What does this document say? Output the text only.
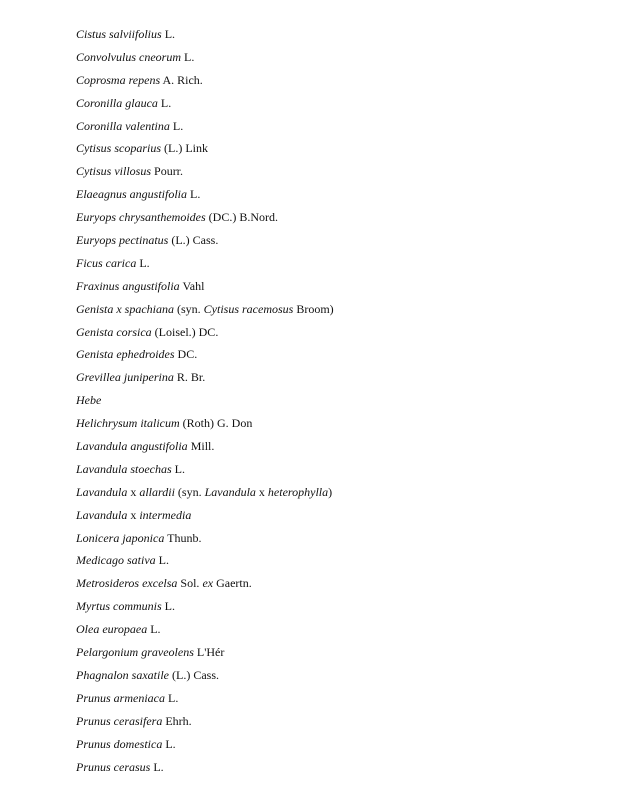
Cistus salviifolius L.
Convolvulus cneorum L.
Coprosma repens A. Rich.
Coronilla glauca L.
Coronilla valentina L.
Cytisus scoparius (L.) Link
Cytisus villosus Pourr.
Elaeagnus angustifolia L.
Euryops chrysanthemoides (DC.) B.Nord.
Euryops pectinatus (L.) Cass.
Ficus carica L.
Fraxinus angustifolia Vahl
Genista x spachiana (syn. Cytisus racemosus Broom)
Genista corsica (Loisel.) DC.
Genista ephedroides DC.
Grevillea juniperina R. Br.
Hebe
Helichrysum italicum (Roth) G. Don
Lavandula angustifolia Mill.
Lavandula stoechas L.
Lavandula x allardii (syn. Lavandula x heterophylla)
Lavandula x intermedia
Lonicera japonica Thunb.
Medicago sativa L.
Metrosideros excelsa Sol. ex Gaertn.
Myrtus communis L.
Olea europaea L.
Pelargonium graveolens L'Hér
Phagnalon saxatile (L.) Cass.
Prunus armeniaca L.
Prunus cerasifera Ehrh.
Prunus domestica L.
Prunus cerasus L.
